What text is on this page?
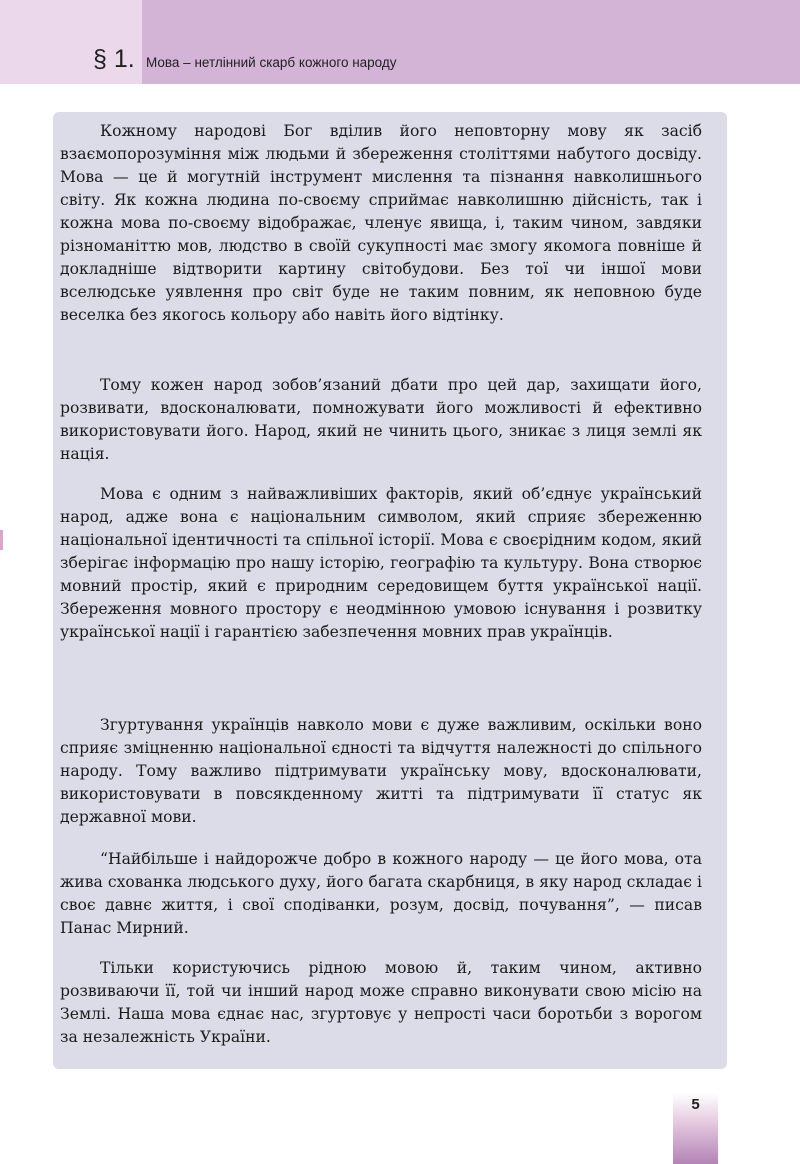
§ 1. Мова – нетлінний скарб кожного народу
Кожному народові Бог вділив його неповторну мову як засіб взаємопорозуміння між людьми й збереження століттями набутого досвіду. Мова — це й могутній інструмент мислення та пізнання навколишнього світу. Як кожна людина по-своєму сприймає навколишню дійсність, так і кожна мова по-своєму відображає, членує явища, і, таким чином, завдяки різноманіттю мов, людство в своїй сукупності має змогу якомога повніше й докладніше відтворити картину світобудови. Без тої чи іншої мови вселюдське уявлення про світ буде не таким повним, як неповною буде веселка без якогось кольору або навіть його відтінку.
Тому кожен народ зобов’язаний дбати про цей дар, захищати його, розвивати, вдосконалювати, помножувати його можливості й ефективно використовувати його. Народ, який не чинить цього, зникає з лиця землі як нація.
Мова є одним з найважливіших факторів, який об’єднує український народ, адже вона є національним символом, який сприяє збереженню національної ідентичності та спільної історії. Мова є своєрідним кодом, який зберігає інформацію про нашу історію, географію та культуру. Вона створює мовний простір, який є природним середовищем буття української нації. Збереження мовного простору є неодмінною умовою існування і розвитку української нації і гарантією забезпечення мовних прав українців.
Згуртування українців навколо мови є дуже важливим, оскільки воно сприяє зміцненню національної єдності та відчуття належності до спільного народу. Тому важливо підтримувати українську мову, вдосконалювати, використовувати в повсякденному житті та підтримувати її статус як державної мови.
“Найбільше і найдорожче добро в кожного народу — це його мова, ота жива схованка людського духу, його багата скарбниця, в яку народ складає і своє давнє життя, і свої сподіванки, розум, досвід, почування”, — писав Панас Мирний.
Тільки користуючись рідною мовою й, таким чином, активно розвиваючи її, той чи інший народ може справно виконувати свою місію на Землі. Наша мова єднає нас, згуртовує у непрості часи боротьби з ворогом за незалежність України.
5
